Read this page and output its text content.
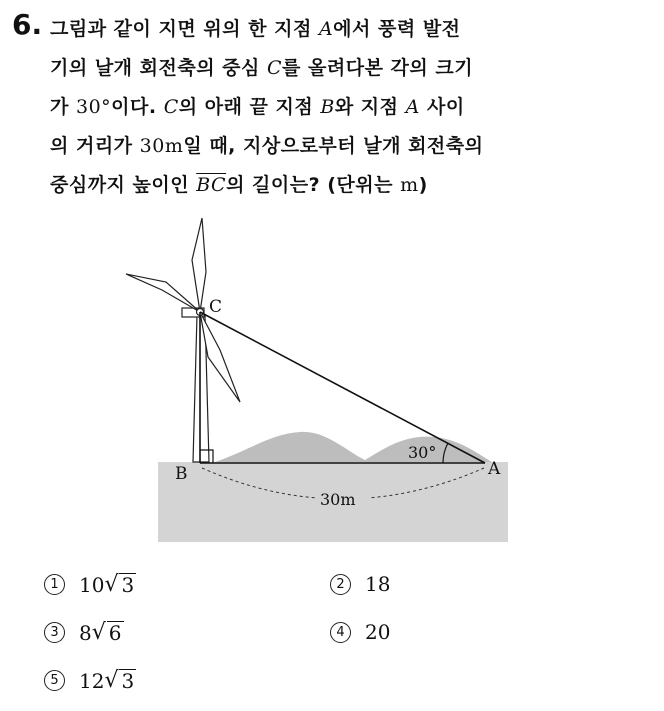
6. 그림과 같이 지면 위의 한 지점 A에서 풍력 발전
기의 날개 회전축의 중심 C를 올려다본 각의 크기
가 30°이다. C의 아래 끝 지점 B와 지점 A 사이
의 거리가 30m일 때, 지상으로부터 날개 회전축의
중심까지 높이인 $\overline{BC}$의 길이는? (단위는 m)
C
B	A
30°
30m
1	10 √ 3	2	18
3	8 √ 6	4	20
5	12 √ 3
